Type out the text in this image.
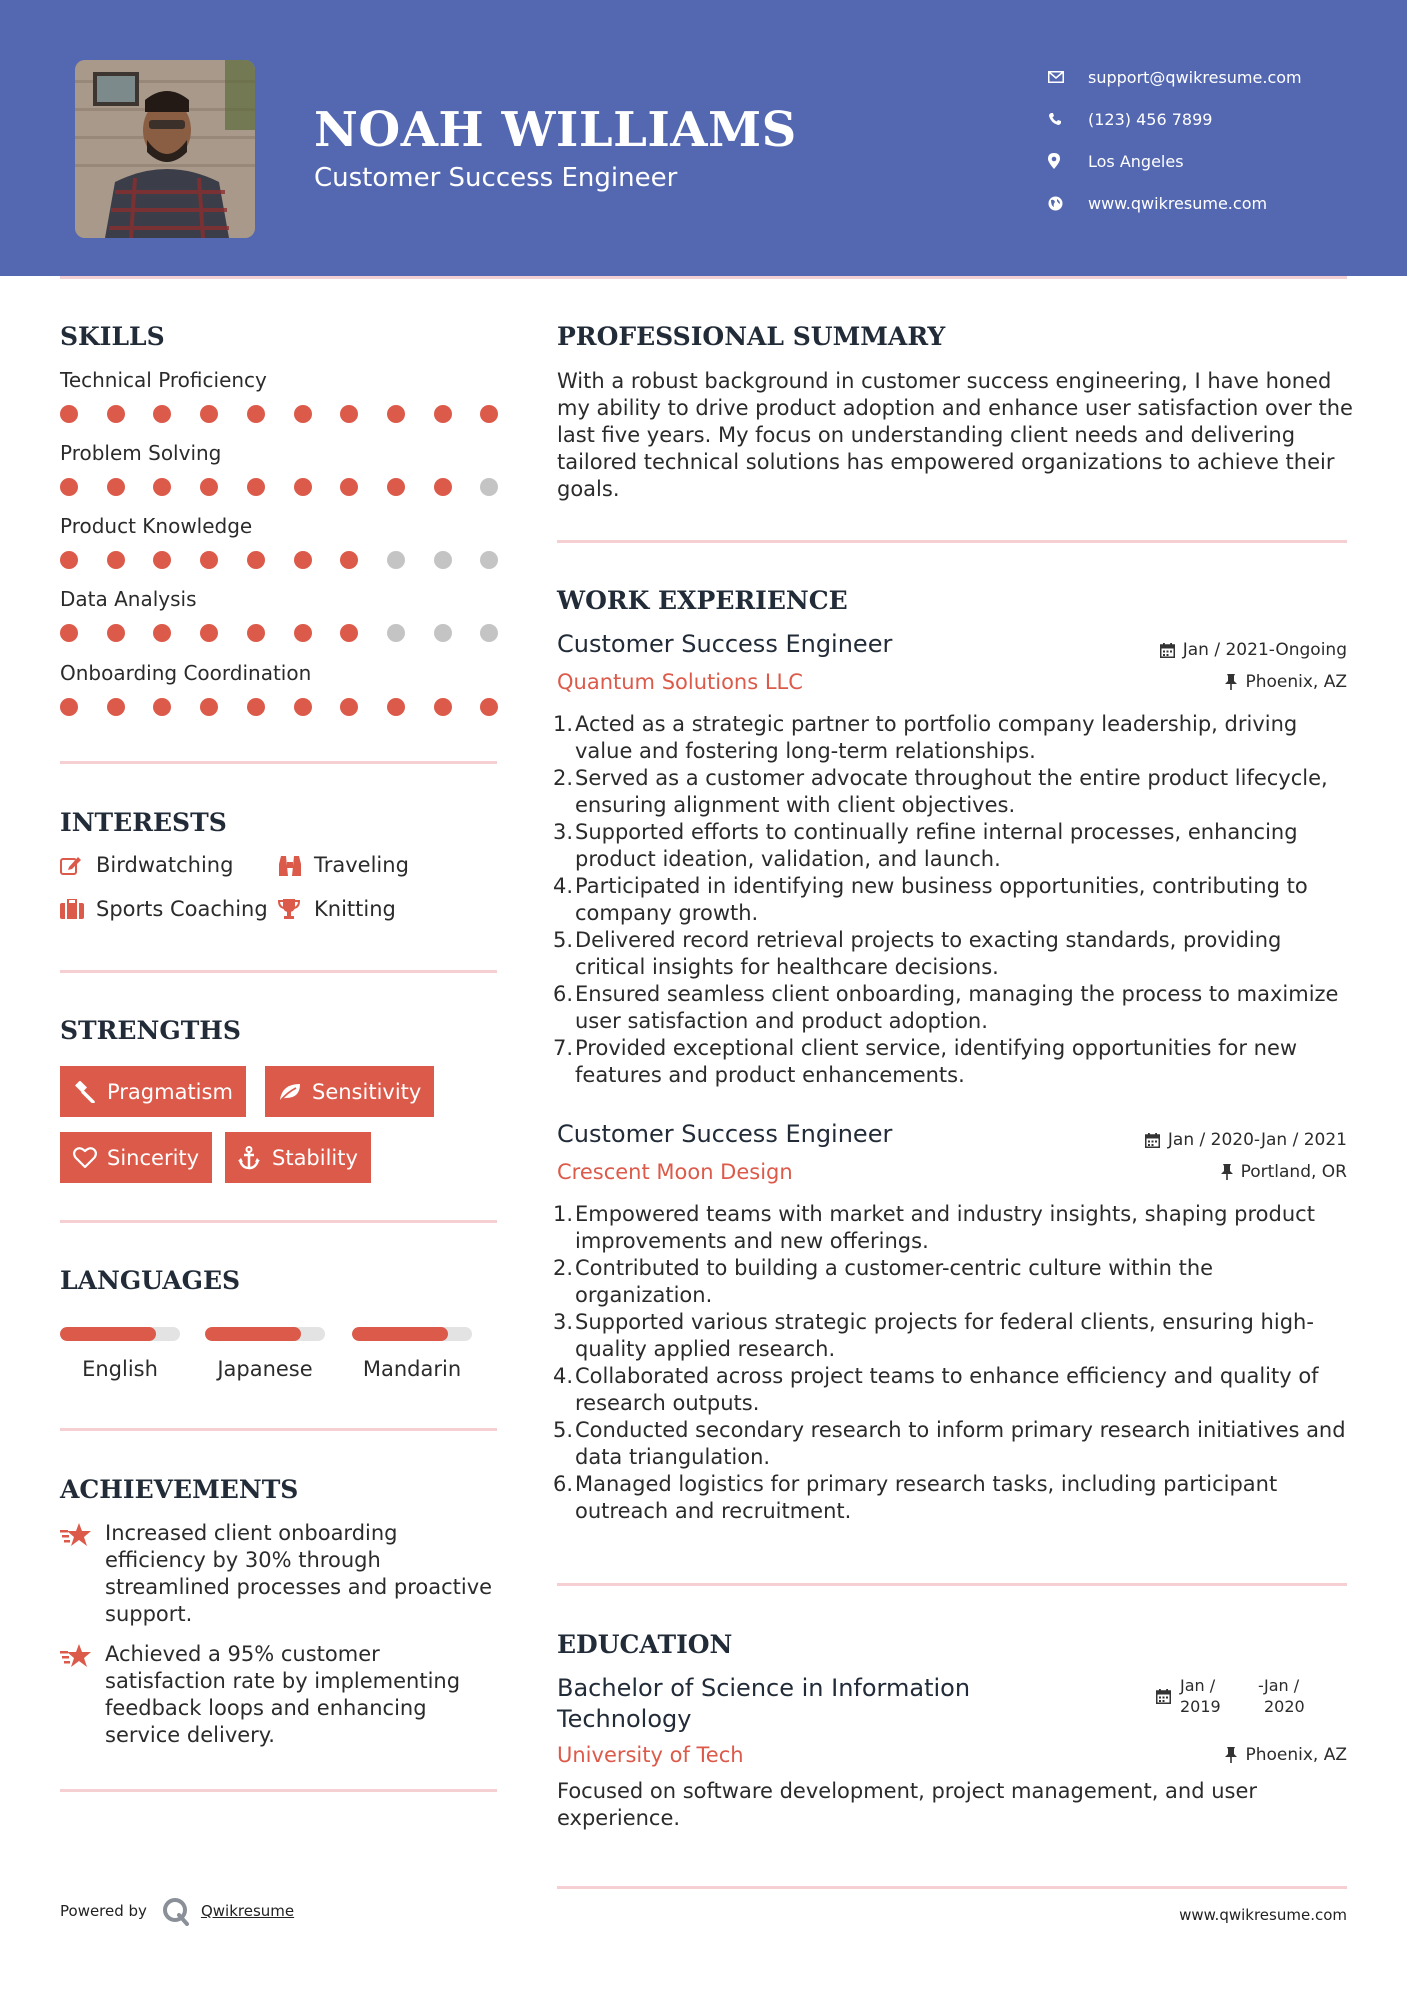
NOAH WILLIAMS
Customer Success Engineer
support@qwikresume.com
(123) 456 7899
Los Angeles
www.qwikresume.com
SKILLS
Technical Proficiency
Problem Solving
Product Knowledge
Data Analysis
Onboarding Coordination
INTERESTS
Birdwatching	Traveling
Sports Coaching Knitting
STRENGTHS
Pragmatism	Sensitivity
Sincerity	Stability
LANGUAGES
English	Japanese	Mandarin
ACHIEVEMENTS
Increased client onboarding efficiency by 30% through streamlined processes and proactive support.
Achieved a 95% customer satisfaction rate by implementing feedback loops and enhancing service delivery.
PROFESSIONAL SUMMARY
With a robust background in customer success engineering, I have honed my ability to drive product adoption and enhance user satisfaction over the last five years. My focus on understanding client needs and delivering tailored technical solutions has empowered organizations to achieve their goals.
WORK EXPERIENCE
Customer Success Engineer
Quantum Solutions LLC
Jan / 2021-Ongoing
Phoenix, AZ
1. Acted as a strategic partner to portfolio company leadership, driving value and fostering long-term relationships.
2. Served as a customer advocate throughout the entire product lifecycle, ensuring alignment with client objectives.
3. Supported efforts to continually refine internal processes, enhancing product ideation, validation, and launch.
4. Participated in identifying new business opportunities, contributing to company growth.
5. Delivered record retrieval projects to exacting standards, providing critical insights for healthcare decisions.
6. Ensured seamless client onboarding, managing the process to maximize user satisfaction and product adoption.
7. Provided exceptional client service, identifying opportunities for new features and product enhancements.
Customer Success Engineer
Crescent Moon Design
Jan / 2020-Jan / 2021
Portland, OR
1. Empowered teams with market and industry insights, shaping product improvements and new offerings.
2. Contributed to building a customer-centric culture within the organization.
3. Supported various strategic projects for federal clients, ensuring high-quality applied research.
4. Collaborated across project teams to enhance efficiency and quality of research outputs.
5. Conducted secondary research to inform primary research initiatives and data triangulation.
6. Managed logistics for primary research tasks, including participant outreach and recruitment.
EDUCATION
Bachelor of Science in Information Technology
Jan / 2019
- Jan / 2020
University of Tech	Phoenix, AZ
Focused on software development, project management, and user experience.
Powered by	Qwikresume	www.qwikresume.com
